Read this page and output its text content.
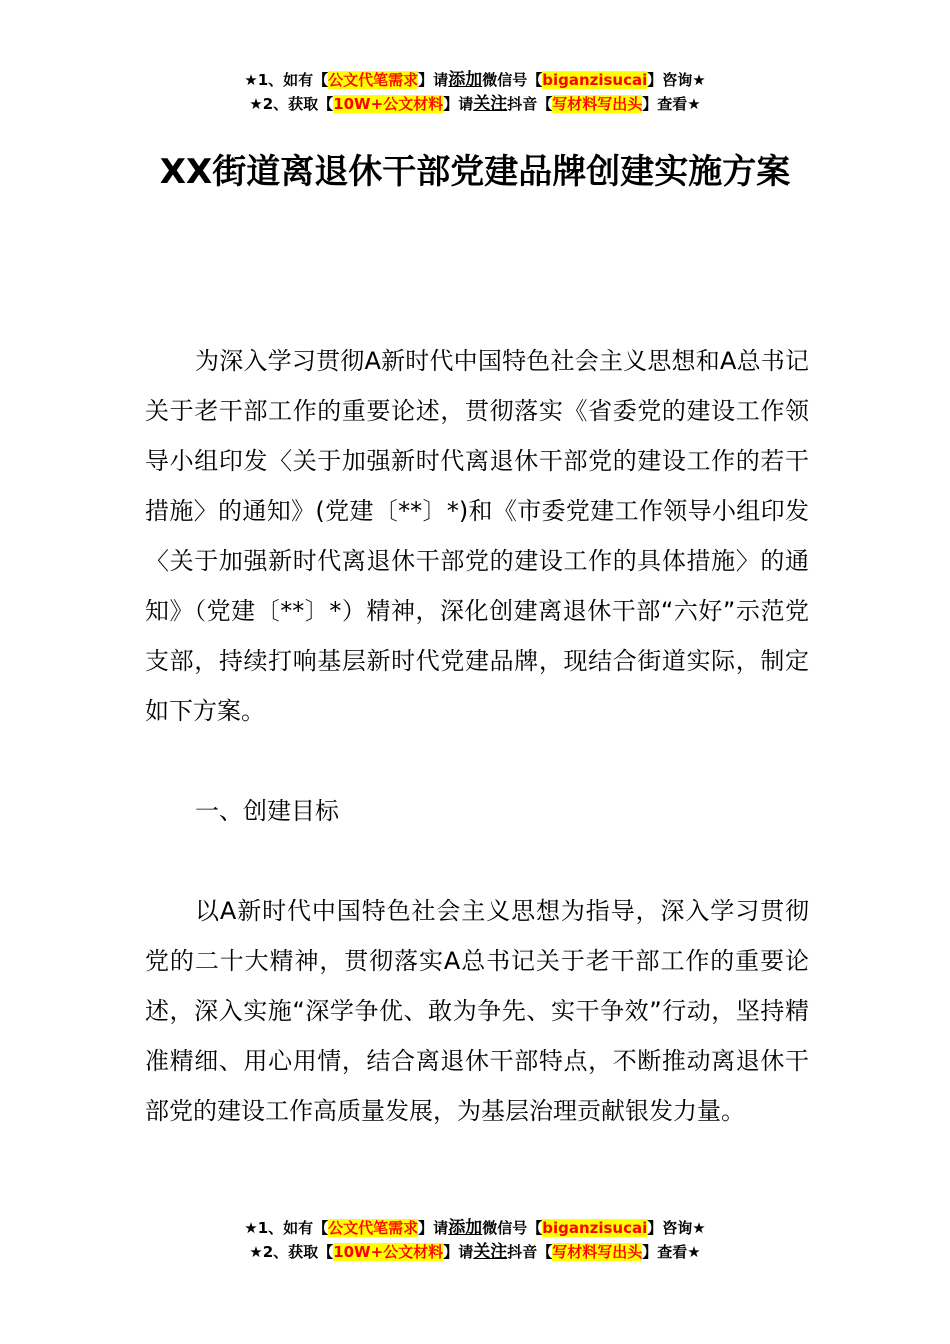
★1、如有【公文代笔需求】请添加微信号【biganzisucai】咨询★
★2、获取【10W+公文材料】请关注抖音【写材料写出头】查看★
XX街道离退休干部党建品牌创建实施方案

为深入学习贯彻A新时代中国特色社会主义思想和A总书记关于老干部工作的重要论述，贯彻落实《省委党的建设工作领导小组印发〈关于加强新时代离退休干部党的建设工作的若干措施〉的通知》(党建〔**〕*)和《市委党建工作领导小组印发〈关于加强新时代离退休干部党的建设工作的具体措施〉的通知》（党建〔**〕*）精神，深化创建离退休干部“六好”示范党支部，持续打响基层新时代党建品牌，现结合街道实际，制定如下方案。

一、创建目标

以A新时代中国特色社会主义思想为指导，深入学习贯彻党的二十大精神，贯彻落实A总书记关于老干部工作的重要论述，深入实施“深学争优、敢为争先、实干争效”行动，坚持精准精细、用心用情，结合离退休干部特点，不断推动离退休干部党的建设工作高质量发展，为基层治理贡献银发力量。

★1、如有【公文代笔需求】请添加微信号【biganzisucai】咨询★
★2、获取【10W+公文材料】请关注抖音【写材料写出头】查看★
